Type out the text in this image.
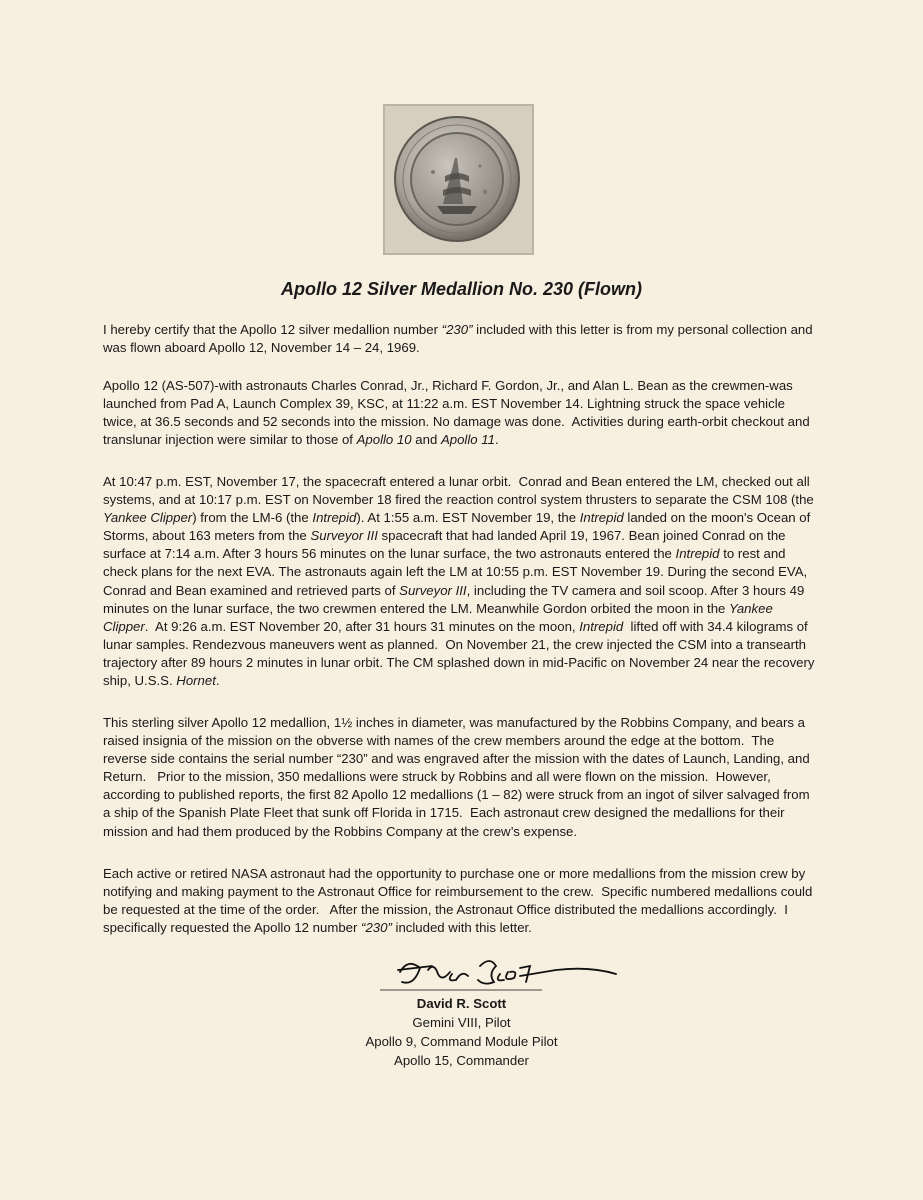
Apollo 12 Silver Medallion No. 230 (Flown)

I hereby certify that the Apollo 12 silver medallion number “230” included with this letter is from my personal collection and was flown aboard Apollo 12, November 14 – 24, 1969.

Apollo 12 (AS-507)-with astronauts Charles Conrad, Jr., Richard F. Gordon, Jr., and Alan L. Bean as the crewmen-was launched from Pad A, Launch Complex 39, KSC, at 11:22 a.m. EST November 14. Lightning struck the space vehicle twice, at 36.5 seconds and 52 seconds into the mission. No damage was done.  Activities during earth-orbit checkout and translunar injection were similar to those of Apollo 10 and Apollo 11.

At 10:47 p.m. EST, November 17, the spacecraft entered a lunar orbit.  Conrad and Bean entered the LM, checked out all systems, and at 10:17 p.m. EST on November 18 fired the reaction control system thrusters to separate the CSM 108 (the Yankee Clipper) from the LM-6 (the Intrepid). At 1:55 a.m. EST November 19, the Intrepid landed on the moon's Ocean of Storms, about 163 meters from the Surveyor III spacecraft that had landed April 19, 1967. Bean joined Conrad on the surface at 7:14 a.m. After 3 hours 56 minutes on the lunar surface, the two astronauts entered the Intrepid to rest and check plans for the next EVA. The astronauts again left the LM at 10:55 p.m. EST November 19. During the second EVA, Conrad and Bean examined and retrieved parts of Surveyor III, including the TV camera and soil scoop. After 3 hours 49 minutes on the lunar surface, the two crewmen entered the LM. Meanwhile Gordon orbited the moon in the Yankee Clipper.  At 9:26 a.m. EST November 20, after 31 hours 31 minutes on the moon, Intrepid  lifted off with 34.4 kilograms of lunar samples. Rendezvous maneuvers went as planned.  On November 21, the crew injected the CSM into a transearth trajectory after 89 hours 2 minutes in lunar orbit. The CM splashed down in mid-Pacific on November 24 near the recovery ship, U.S.S. Hornet.

This sterling silver Apollo 12 medallion, 1½ inches in diameter, was manufactured by the Robbins Company, and bears a raised insignia of the mission on the obverse with names of the crew members around the edge at the bottom.  The reverse side contains the serial number “230” and was engraved after the mission with the dates of Launch, Landing, and Return.   Prior to the mission, 350 medallions were struck by Robbins and all were flown on the mission.  However, according to published reports, the first 82 Apollo 12 medallions (1 – 82) were struck from an ingot of silver salvaged from a ship of the Spanish Plate Fleet that sunk off Florida in 1715.  Each astronaut crew designed the medallions for their mission and had them produced by the Robbins Company at the crew’s expense.

Each active or retired NASA astronaut had the opportunity to purchase one or more medallions from the mission crew by notifying and making payment to the Astronaut Office for reimbursement to the crew.  Specific numbered medallions could be requested at the time of the order.   After the mission, the Astronaut Office distributed the medallions accordingly.  I specifically requested the Apollo 12 number “230” included with this letter.

David R. Scott
Gemini VIII, Pilot
Apollo 9, Command Module Pilot
Apollo 15, Commander
